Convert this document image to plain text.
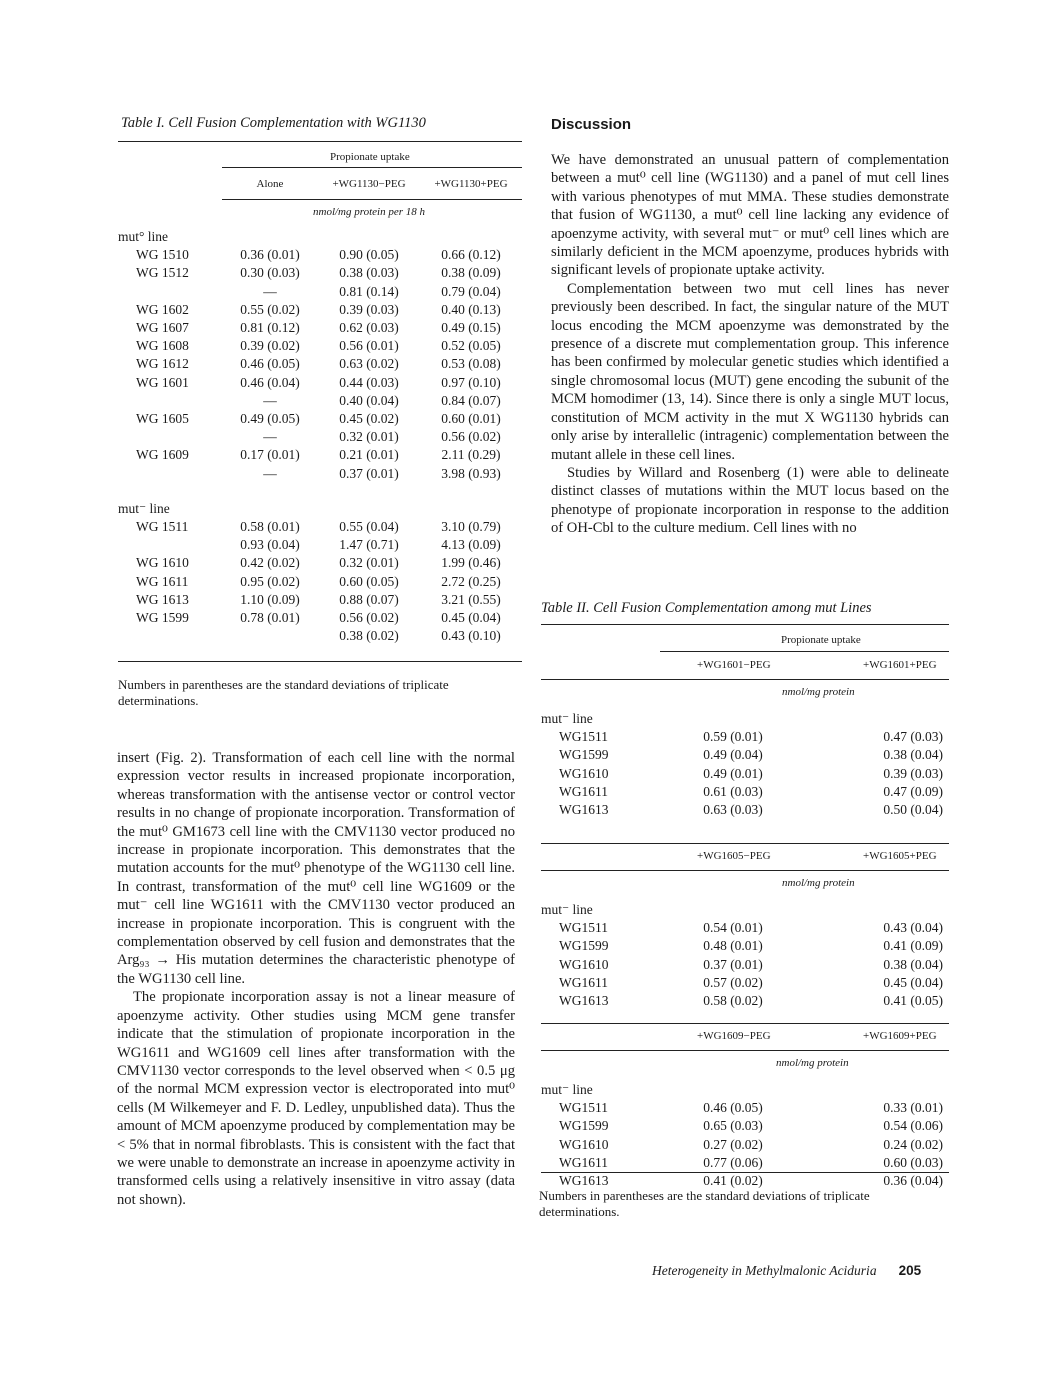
Table I. Cell Fusion Complementation with WG1130
Propionate uptake
	Alone	+WG1130−PEG	+WG1130+PEG
nmol/mg protein per 18 h
mut° line			
WG 1510	0.36 (0.01)	0.90 (0.05)	0.66 (0.12)
WG 1512	0.30 (0.03)	0.38 (0.03)	0.38 (0.09)
	—	0.81 (0.14)	0.79 (0.04)
WG 1602	0.55 (0.02)	0.39 (0.03)	0.40 (0.13)
WG 1607	0.81 (0.12)	0.62 (0.03)	0.49 (0.15)
WG 1608	0.39 (0.02)	0.56 (0.01)	0.52 (0.05)
WG 1612	0.46 (0.05)	0.63 (0.02)	0.53 (0.08)
WG 1601	0.46 (0.04)	0.44 (0.03)	0.97 (0.10)
	—	0.40 (0.04)	0.84 (0.07)
WG 1605	0.49 (0.05)	0.45 (0.02)	0.60 (0.01)
	—	0.32 (0.01)	0.56 (0.02)
WG 1609	0.17 (0.01)	0.21 (0.01)	2.11 (0.29)
	—	0.37 (0.01)	3.98 (0.93)

mut⁻ line			
WG 1511	0.58 (0.01)	0.55 (0.04)	3.10 (0.79)
	0.93 (0.04)	1.47 (0.71)	4.13 (0.09)
WG 1610	0.42 (0.02)	0.32 (0.01)	1.99 (0.46)
WG 1611	0.95 (0.02)	0.60 (0.05)	2.72 (0.25)
WG 1613	1.10 (0.09)	0.88 (0.07)	3.21 (0.55)
WG 1599	0.78 (0.01)	0.56 (0.02)	0.45 (0.04)
		0.38 (0.02)	0.43 (0.10)
Numbers in parentheses are the standard deviations of triplicate determinations.

insert (Fig. 2). Transformation of each cell line with the normal expression vector results in increased propionate incorporation, whereas transformation with the antisense vector or control vector results in no change of propionate incorporation. Transformation of the mut⁰ GM1673 cell line with the CMV1130 vector produced no increase in propionate incorporation. This demonstrates that the mutation accounts for the mut⁰ phenotype of the WG1130 cell line. In contrast, transformation of the mut⁰ cell line WG1609 or the mut⁻ cell line WG1611 with the CMV1130 vector produced an increase in propionate incorporation. This is congruent with the complementation observed by cell fusion and demonstrates that the Arg₉₃ → His mutation determines the characteristic phenotype of the WG1130 cell line.

The propionate incorporation assay is not a linear measure of apoenzyme activity. Other studies using MCM gene transfer indicate that the stimulation of propionate incorporation in the WG1611 and WG1609 cell lines after transformation with the CMV1130 vector corresponds to the level observed when < 0.5 μg of the normal MCM expression vector is electroporated into mut⁰ cells (M Wilkemeyer and F. D. Ledley, unpublished data). Thus the amount of MCM apoenzyme produced by complementation may be < 5% that in normal fibroblasts. This is consistent with the fact that we were unable to demonstrate an increase in apoenzyme activity in transformed cells using a relatively insensitive in vitro assay (data not shown).

Discussion

We have demonstrated an unusual pattern of complementation between a mut⁰ cell line (WG1130) and a panel of mut cell lines with various phenotypes of mut MMA. These studies demonstrate that fusion of WG1130, a mut⁰ cell line lacking any evidence of apoenzyme activity, with several mut⁻ or mut⁰ cell lines which are similarly deficient in the MCM apoenzyme, produces hybrids with significant levels of propionate uptake activity.

Complementation between two mut cell lines has never previously been described. In fact, the singular nature of the MUT locus encoding the MCM apoenzyme was demonstrated by the presence of a discrete mut complementation group. This inference has been confirmed by molecular genetic studies which identified a single chromosomal locus (MUT) gene encoding the subunit of the MCM homodimer (13, 14). Since there is only a single MUT locus, constitution of MCM activity in the mut X WG1130 hybrids can only arise by interallelic (intragenic) complementation between the mutant allele in these cell lines.

Studies by Willard and Rosenberg (1) were able to delineate distinct classes of mutations within the MUT locus based on the phenotype of propionate incorporation in response to the addition of OH-Cbl to the culture medium. Cell lines with no

Table II. Cell Fusion Complementation among mut Lines
Propionate uptake
+WG1601−PEG	+WG1601+PEG
nmol/mg protein
mut⁻ line		
WG1511	0.59 (0.01)	0.47 (0.03)
WG1599	0.49 (0.04)	0.38 (0.04)
WG1610	0.49 (0.01)	0.39 (0.03)
WG1611	0.61 (0.03)	0.47 (0.09)
WG1613	0.63 (0.03)	0.50 (0.04)
+WG1605−PEG	+WG1605+PEG
nmol/mg protein
mut⁻ line		
WG1511	0.54 (0.01)	0.43 (0.04)
WG1599	0.48 (0.01)	0.41 (0.09)
WG1610	0.37 (0.01)	0.38 (0.04)
WG1611	0.57 (0.02)	0.45 (0.04)
WG1613	0.58 (0.02)	0.41 (0.05)
+WG1609−PEG	+WG1609+PEG
nmol/mg protein
mut⁻ line		
WG1511	0.46 (0.05)	0.33 (0.01)
WG1599	0.65 (0.03)	0.54 (0.06)
WG1610	0.27 (0.02)	0.24 (0.02)
WG1611	0.77 (0.06)	0.60 (0.03)
WG1613	0.41 (0.02)	0.36 (0.04)
Numbers in parentheses are the standard deviations of triplicate determinations.
Heterogeneity in Methylmalonic Aciduria 205
